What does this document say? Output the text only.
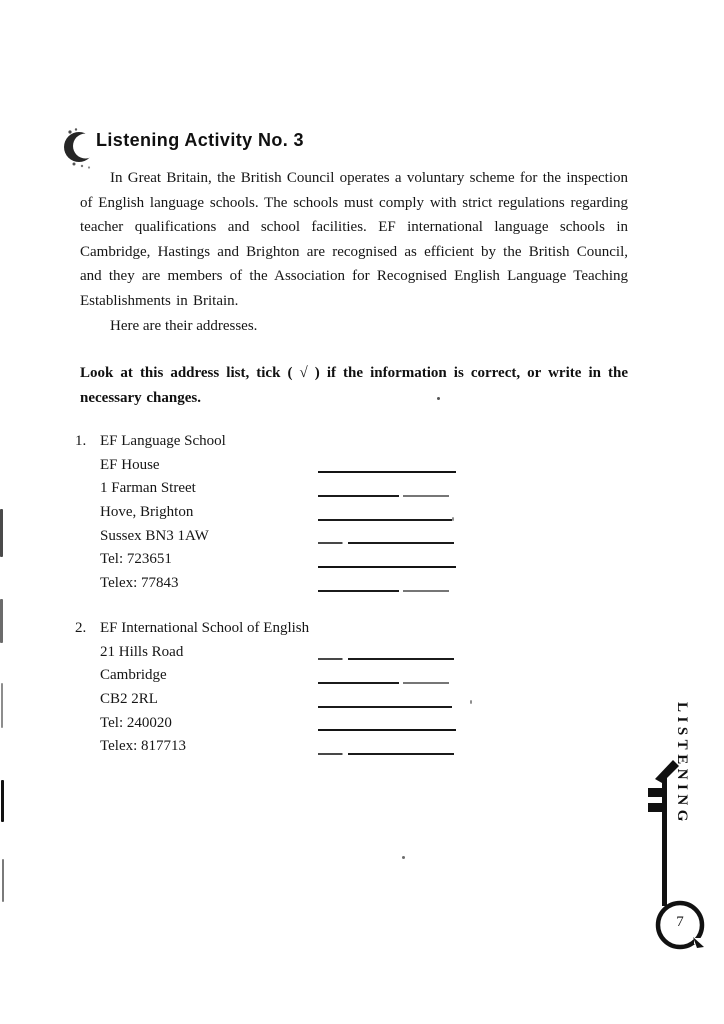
Listening Activity No. 3

In Great Britain, the British Council operates a voluntary scheme for the inspection of English language schools. The schools must comply with strict regulations regarding teacher qualifications and school facilities. EF international language schools in Cambridge, Hastings and Brighton are recognised as efficient by the British Council, and they are members of the Association for Recognised English Language Teaching Establishments in Britain.

Here are their addresses.

Look at this address list, tick ( √ ) if the information is correct, or write in the necessary changes.
1. EF Language School
EF House
1 Farman Street
Hove, Brighton
Sussex BN3 1AW
Tel: 723651
Telex: 77843
2. EF International School of English
21 Hills Road
Cambridge
CB2 2RL
Tel: 240020
Telex: 817713	LISTENING
7
